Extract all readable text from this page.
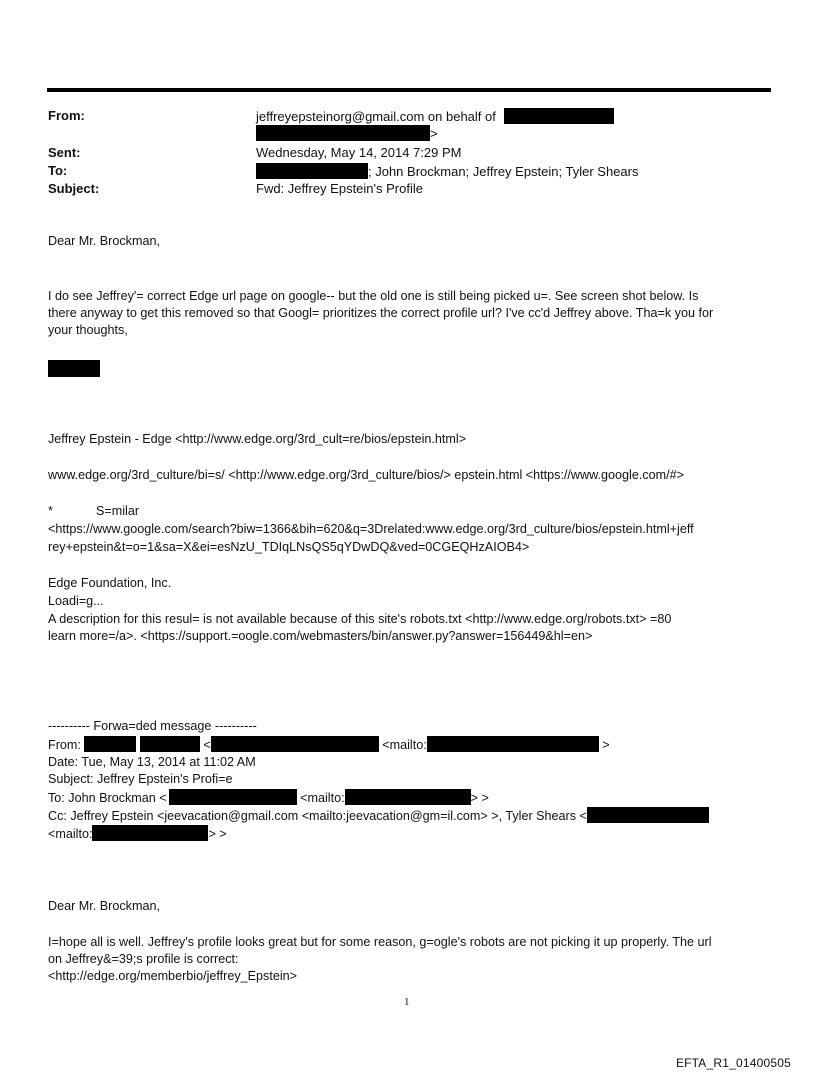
From:	jeffreyepsteinorg@gmail.com on behalf of
>
Sent:	Wednesday, May 14, 2014 7:29 PM
To:	; John Brockman; Jeffrey Epstein; Tyler Shears
Subject:	Fwd: Jeffrey Epstein's Profile
Dear Mr. Brockman,
I do see Jeffrey'= correct Edge url page on google-- but the old one is still being picked u=. See screen shot below. Is
there anyway to get this removed so that Googl= prioritizes the correct profile url? I've cc'd Jeffrey above. Tha=k you for
your thoughts,
Jeffrey Epstein - Edge <http://www.edge.org/3rd_cult=re/bios/epstein.html>
www.edge.org/3rd_culture/bi=s/ <http://www.edge.org/3rd_culture/bios/> epstein.html <https://www.google.com/#>
*	S=milar
<https://www.google.com/search?biw=1366&bih=620&q=3Drelated:www.edge.org/3rd_culture/bios/epstein.html+jeff
rey+epstein&t=o=1&sa=X&ei=esNzU_TDIqLNsQS5qYDwDQ&ved=0CGEQHzAIOB4>
Edge Foundation, Inc.
Loadi=g...
A description for this resul= is not available because of this site's robots.txt <http://www.edge.org/robots.txt> =80
learn more=/a>. <https://support.=oogle.com/webmasters/bin/answer.py?answer=156449&hl=en>
---------- Forwa=ded message ----------
From:	<	<mailto:	>
Date: Tue, May 13, 2014 at 11:02 AM
Subject: Jeffrey Epstein's Profi=e
To: John Brockman <	<mailto:	> >
Cc: Jeffrey Epstein <jeevacation@gmail.com <mailto:jeevacation@gm=il.com> >, Tyler Shears <
<mailto:	> >
Dear Mr. Brockman,
I=hope all is well. Jeffrey's profile looks great but for some reason, g=ogle's robots are not picking it up properly. The url
on Jeffrey&=39;s profile is correct:
<http://edge.org/memberbio/jeffrey_Epstein>
1
EFTA_R1_01400505
